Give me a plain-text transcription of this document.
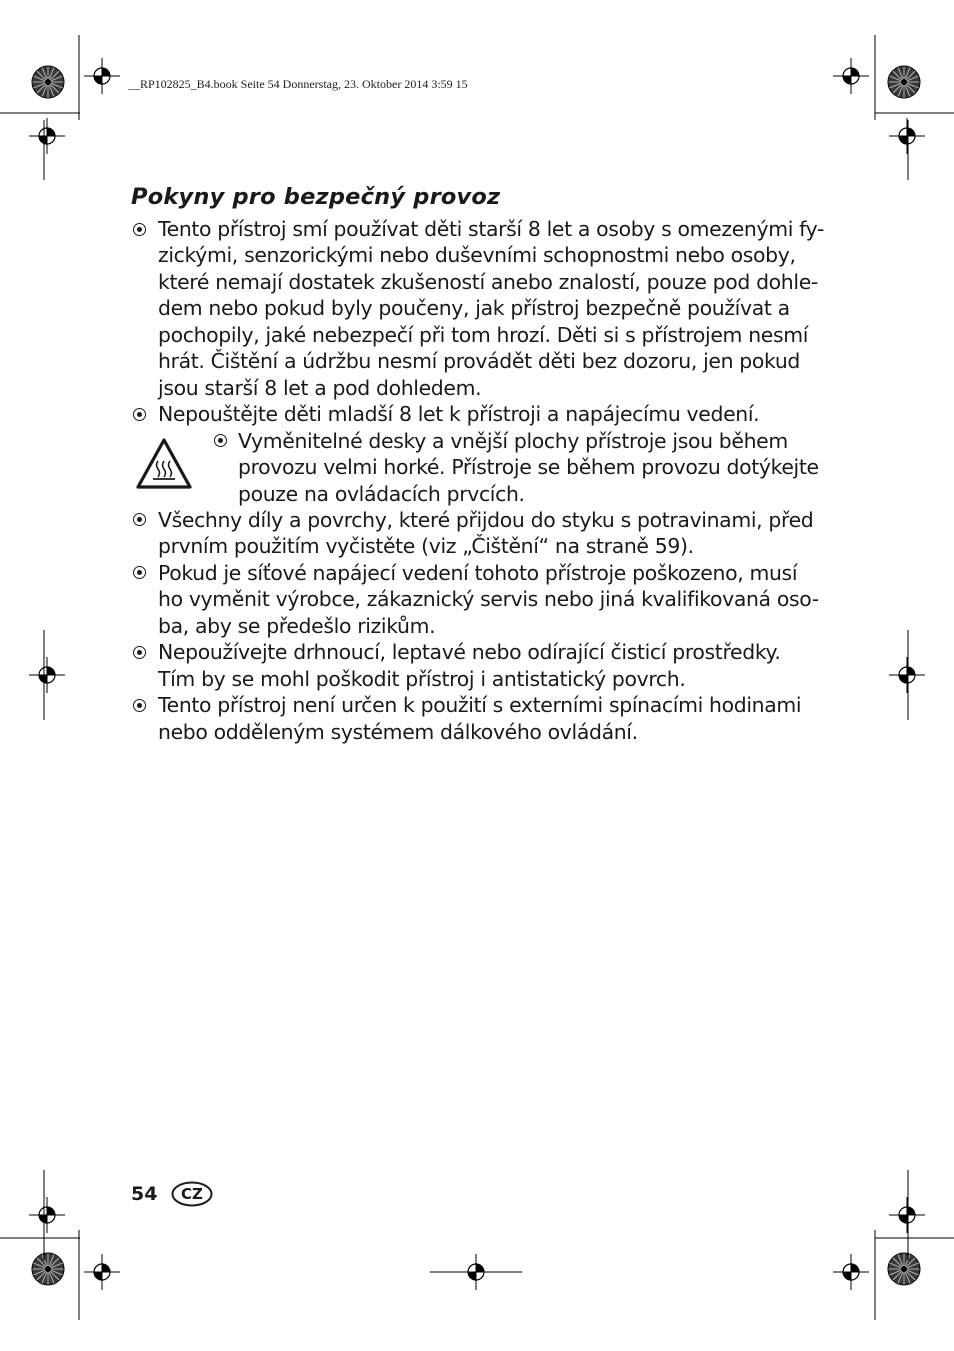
__RP102825_B4.book Seite 54 Donnerstag, 23. Oktober 2014 3:59 15
Pokyny pro bezpečný provoz
Tento přístroj smí používat děti starší 8 let a osoby s omezenými fy-
zickými, senzorickými nebo duševními schopnostmi nebo osoby,
které nemají dostatek zkušeností anebo znalostí, pouze pod dohle-
dem nebo pokud byly poučeny, jak přístroj bezpečně používat a
pochopily, jaké nebezpečí při tom hrozí. Děti si s přístrojem nesmí
hrát. Čištění a údržbu nesmí provádět děti bez dozoru, jen pokud
jsou starší 8 let a pod dohledem.
Nepouštějte děti mladší 8 let k přístroji a napájecímu vedení.
Vyměnitelné desky a vnější plochy přístroje jsou během
provozu velmi horké. Přístroje se během provozu dotýkejte
pouze na ovládacích prvcích.
Všechny díly a povrchy, které přijdou do styku s potravinami, před
prvním použitím vyčistěte (viz „Čištění“ na straně 59).
Pokud je síťové napájecí vedení tohoto přístroje poškozeno, musí
ho vyměnit výrobce, zákaznický servis nebo jiná kvalifikovaná oso-
ba, aby se předešlo rizikům.
Nepoužívejte drhnoucí, leptavé nebo odírající čisticí prostředky.
Tím by se mohl poškodit přístroj i antistatický povrch.
Tento přístroj není určen k použití s externími spínacími hodinami
nebo odděleným systémem dálkového ovládání.
54	CZ
